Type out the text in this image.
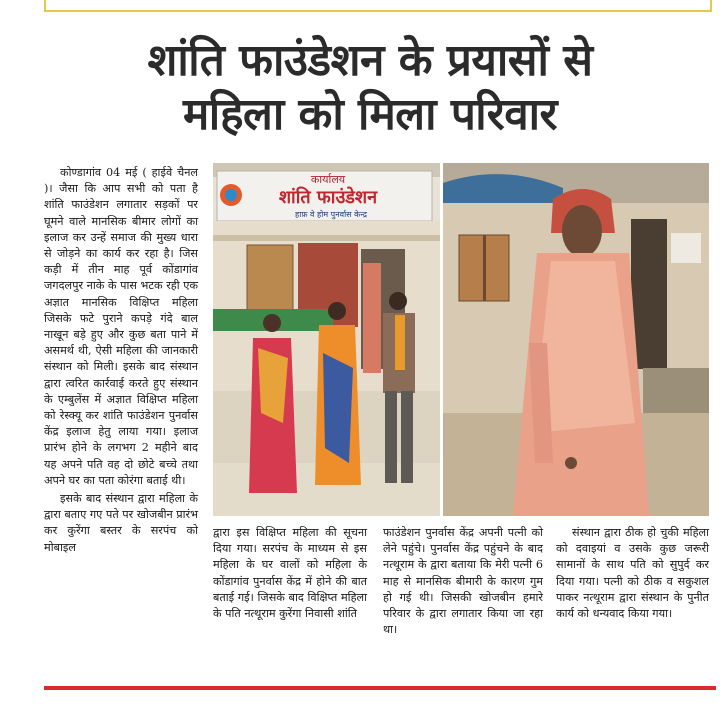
शांति फाउंडेशन के प्रयासों से
महिला को मिला परिवार

कोण्डागांव 04 मई ( हाईवे चैनल )। जैसा कि आप सभी को पता है शांति फाउंडेशन लगातार सड़कों पर घूमने वाले मानसिक बीमार लोगों का इलाज कर उन्हें समाज की मुख्य धारा से जोड़ने का कार्य कर रहा है। जिस कड़ी में तीन माह पूर्व कोंडागांव जगदलपुर नाके के पास भटक रही एक अज्ञात मानसिक विक्षिप्त महिला जिसके फटे पुराने कपड़े गंदे बाल नाखून बड़े हुए और कुछ बता पाने में असमर्थ थी, ऐसी महिला की जानकारी संस्थान को मिली। इसके बाद संस्थान द्वारा त्वरित कार्रवाई करते हुए संस्थान के एम्बुलेंस में अज्ञात विक्षिप्त महिला को रेस्क्यू कर शांति फाउंडेशन पुनर्वास केंद्र इलाज हेतु लाया गया। इलाज प्रारंभ होने के लगभग 2 महीने बाद यह अपने पति वह दो छोटे बच्चे तथा अपने घर का पता कोरंगा बताई थी।

इसके बाद संस्थान द्वारा महिला के द्वारा बताए गए पते पर खोजबीन प्रारंभ कर कुरेंगा बस्तर के सरपंच को मोबाइल

कार्यालय
शांति फाउंडेशन
हाफ़ वे होम पुनर्वास केन्द्र

द्वारा इस विक्षिप्त महिला की सूचना दिया गया। सरपंच के माध्यम से इस महिला के घर वालों को महिला के कोंडागांव पुनर्वास केंद्र में होने की बात बताई गई। जिसके बाद विक्षिप्त महिला के पति नत्थूराम कुरेंगा निवासी शांति

फाउंडेशन पुनर्वास केंद्र अपनी पत्नी को लेने पहुंचे। पुनर्वास केंद्र पहुंचने के बाद नत्थूराम के द्वारा बताया कि मेरी पत्नी 6 माह से मानसिक बीमारी के कारण गुम हो गई थी। जिसकी खोजबीन हमारे परिवार के द्वारा लगातार किया जा रहा था।

संस्थान द्वारा ठीक हो चुकी महिला को दवाइयां व उसके कुछ जरूरी सामानों के साथ पति को सुपुर्द कर दिया गया। पत्नी को ठीक व सकुशल पाकर नत्थूराम द्वारा संस्थान के पुनीत कार्य को धन्यवाद किया गया।
